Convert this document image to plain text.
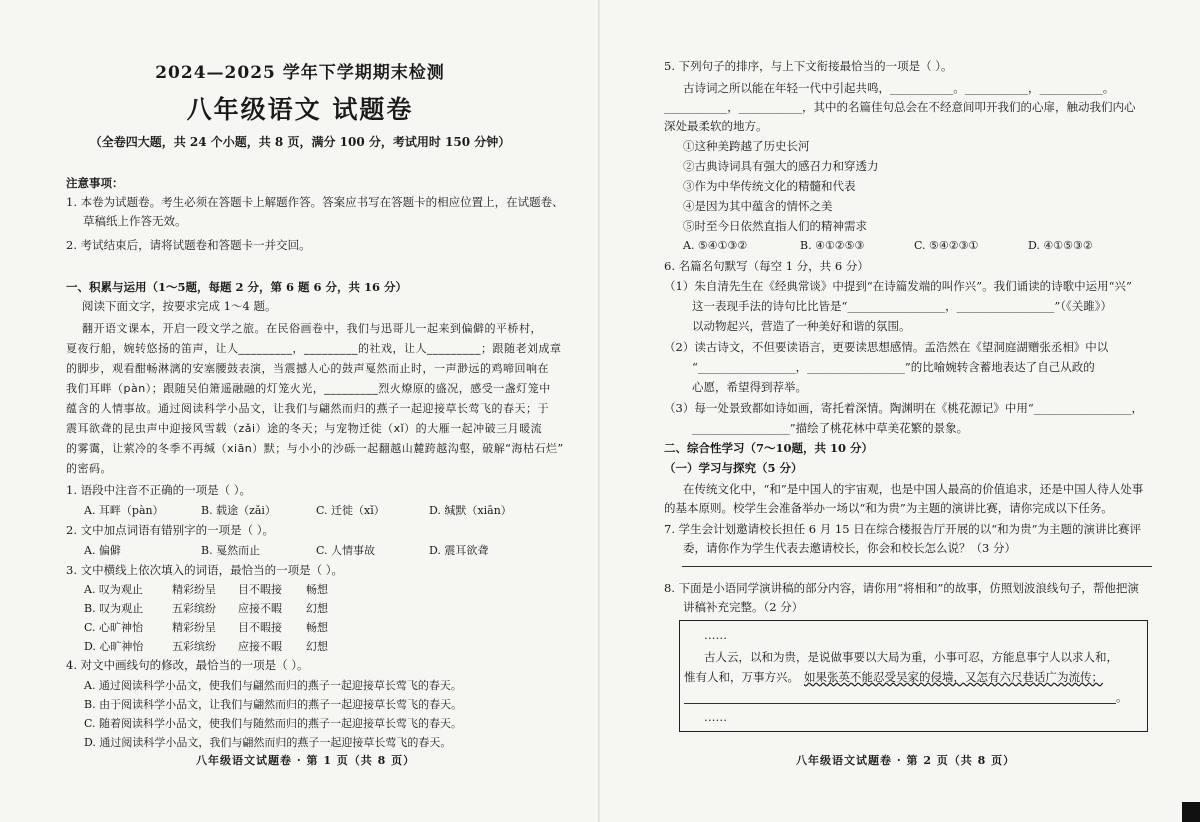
2024—2025 学年下学期期末检测
八年级语文 试题卷
（全卷四大题，共 24 个小题，共 8 页，满分 100 分，考试用时 150 分钟）
注意事项：
1. 本卷为试题卷。考生必须在答题卡上解题作答。答案应书写在答题卡的相应位置上，在试题卷、
草稿纸上作答无效。
2. 考试结束后，请将试题卷和答题卡一并交回。
一、积累与运用（1～5题，每题 2 分，第 6 题 6 分，共 16 分）
阅读下面文字，按要求完成 1～4 题。
翻开语文课本，开启一段文学之旅。在民俗画卷中，我们与迅哥儿一起来到偏僻的平桥村，
夏夜行船，婉转悠扬的笛声，让人_________，_________的社戏，让人_________；跟随老刘成章
的脚步，观看酣畅淋漓的安塞腰鼓表演，当震撼人心的鼓声戛然而止时，一声渺远的鸡啼回响在
我们耳畔（pàn）；跟随吴伯箫遥融融的灯笼火光，_________烈火燎原的盛况，感受一盏灯笼中
蕴含的人情事故。通过阅读科学小品文，让我们与翩然而归的燕子一起迎接草长莺飞的春天；于
震耳欲聋的昆虫声中迎接风雪载（zǎi）途的冬天；与宠物迁徙（xǐ）的大雁一起冲破三月暖流
的雾霭，让萦冷的冬季不再缄（xiān）默；与小小的沙砾一起翻越山麓跨越沟壑，破解“海枯石烂”
的密码。
1. 语段中注音不正确的一项是（ ）。
A. 耳畔（pàn）	B. 载途（zǎi）	C. 迁徙（xǐ）	D. 缄默（xiān）
2. 文中加点词语有错别字的一项是（ ）。
A. 偏僻	B. 戛然而止	C. 人情事故	D. 震耳欲聋
3. 文中横线上依次填入的词语，最恰当的一项是（ ）。
A. 叹为观止	精彩纷呈 目不暇接 畅想
B. 叹为观止	五彩缤纷 应接不暇 幻想
C. 心旷神怡	精彩纷呈 目不暇接 畅想
D. 心旷神怡	五彩缤纷 应接不暇 幻想
4. 对文中画线句的修改，最恰当的一项是（ ）。
A. 通过阅读科学小品文，使我们与翩然而归的燕子一起迎接草长莺飞的春天。
B. 由于阅读科学小品文，让我们与翩然而归的燕子一起迎接草长莺飞的春天。
C. 随着阅读科学小品文，使我们与随然而归的燕子一起迎接草长莺飞的春天。
D. 通过阅读科学小品文，我们与翩然而归的燕子一起迎接草长莺飞的春天。
八年级语文试题卷 · 第 1 页（共 8 页）
5. 下列句子的排序，与上下文衔接最恰当的一项是（ ）。
古诗词之所以能在年轻一代中引起共鸣，___________。___________，___________。
___________，___________，其中的名篇佳句总会在不经意间叩开我们的心扉，触动我们内心
深处最柔软的地方。
①这种美跨越了历史长河
②古典诗词具有强大的感召力和穿透力
③作为中华传统文化的精髓和代表
④是因为其中蕴含的情怀之美
⑤时至今日依然直指人们的精神需求
A. ⑤④①③②	B. ④①②⑤③	C. ⑤④②③①	D. ④①⑤③②
6. 名篇名句默写（每空 1 分，共 6 分）
（1）朱自清先生在《经典常谈》中提到“在诗篇发端的叫作兴”。我们诵读的诗歌中运用“兴”
这一表现手法的诗句比比皆是“_________________，_________________”（《关雎》）
以动物起兴，营造了一种美好和谐的氛围。
（2）读古诗文，不但要读语言，更要读思想感情。孟浩然在《望洞庭湖赠张丞相》中以
“_________________，_________________”的比喻婉转含蓄地表达了自己从政的
心愿，希望得到荐举。
（3）每一处景致都如诗如画，寄托着深情。陶渊明在《桃花源记》中用“_________________，
_________________”描绘了桃花林中草美花繁的景象。
二、综合性学习（7～10题，共 10 分）
（一）学习与探究（5 分）
在传统文化中，“和”是中国人的宇宙观，也是中国人最高的价值追求，还是中国人待人处事
的基本原则。校学生会准备举办一场以“和为贵”为主题的演讲比赛，请你完成以下任务。
7. 学生会计划邀请校长担任 6 月 15 日在综合楼报告厅开展的以“和为贵”为主题的演讲比赛评
委，请你作为学生代表去邀请校长，你会和校长怎么说？（3 分）
8. 下面是小语同学演讲稿的部分内容，请你用“将相和”的故事，仿照划波浪线句子，帮他把演
讲稿补充完整。（2 分）
八年级语文试题卷 · 第 2 页（共 8 页）
……
古人云，以和为贵，是说做事要以大局为重，小事可忍，方能息事宁人以求人和，
惟有人和，万事方兴。 如果张英不能忍受吴家的侵墙，又怎有六尺巷话广为流传；
。
……
